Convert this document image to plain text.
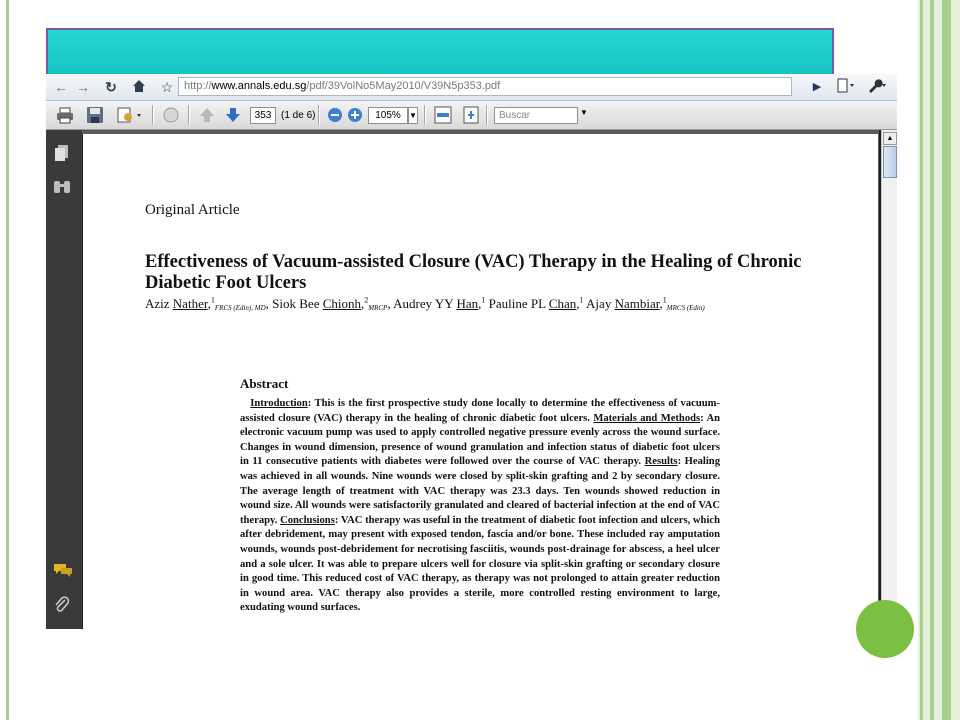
← → ↻	☆ http://www.annals.edu.sg/pdf/39VolNo5May2010/V39N5p353.pdf	▶
353 (1 de 6)	105%	▼	Buscar	▼
Original Article
Effectiveness of Vacuum-assisted Closure (VAC) Therapy in the Healing of Chronic Diabetic Foot Ulcers
Aziz Nather,$^1_{FRCS (Edin), MD}$, Siok Bee Chionh,$^2_{MRCP}$, Audrey YY Han,$^1$ Pauline PL Chan,$^1$ Ajay Nambiar,$^1_{MRCS (Edin)}$
Abstract

Introduction: This is the first prospective study done locally to determine the effectiveness of vacuum-assisted closure (VAC) therapy in the healing of chronic diabetic foot ulcers. Materials and Methods: An electronic vacuum pump was used to apply controlled negative pressure evenly across the wound surface. Changes in wound dimension, presence of wound granulation and infection status of diabetic foot ulcers in 11 consecutive patients with diabetes were followed over the course of VAC therapy. Results: Healing was achieved in all wounds. Nine wounds were closed by split-skin grafting and 2 by secondary closure. The average length of treatment with VAC therapy was 23.3 days. Ten wounds showed reduction in wound size. All wounds were satisfactorily granulated and cleared of bacterial infection at the end of VAC therapy. Conclusions: VAC therapy was useful in the treatment of diabetic foot infection and ulcers, which after debridement, may present with exposed tendon, fascia and/or bone. These included ray amputation wounds, wounds post-debridement for necrotising fasciitis, wounds post-drainage for abscess, a heel ulcer and a sole ulcer. It was able to prepare ulcers well for closure via split-skin grafting or secondary closure in good time. This reduced cost of VAC therapy, as therapy was not prolonged to attain greater reduction in wound area. VAC therapy also provides a sterile, more controlled resting environment to large, exudating wound surfaces.

▲
